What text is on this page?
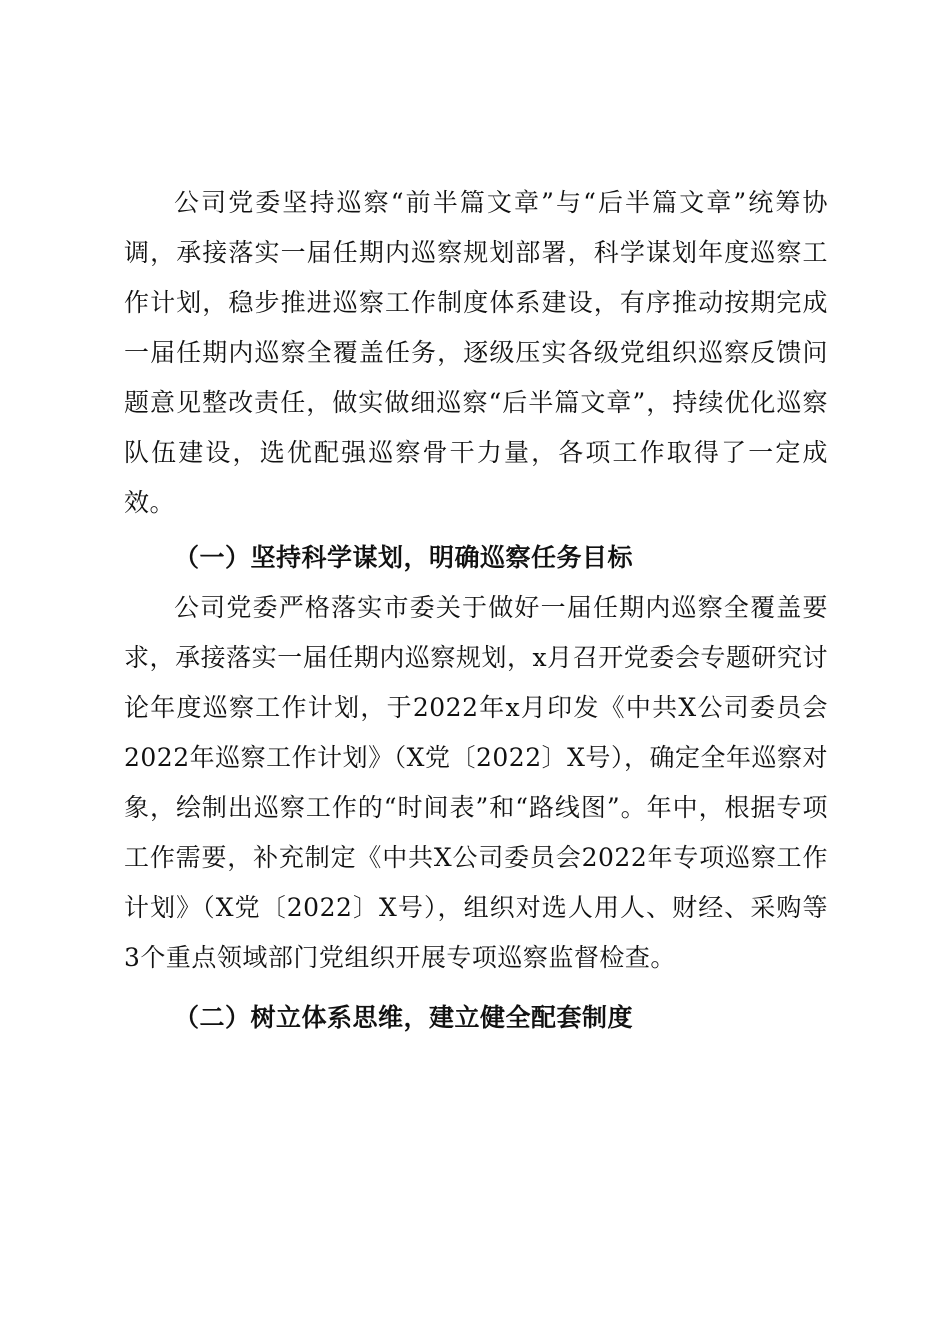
公司党委坚持巡察“前半篇文章”与“后半篇文章”统筹协调，承接落实一届任期内巡察规划部署，科学谋划年度巡察工作计划，稳步推进巡察工作制度体系建设，有序推动按期完成一届任期内巡察全覆盖任务，逐级压实各级党组织巡察反馈问题意见整改责任，做实做细巡察“后半篇文章”，持续优化巡察队伍建设，选优配强巡察骨干力量，各项工作取得了一定成效。

（一）坚持科学谋划，明确巡察任务目标

公司党委严格落实市委关于做好一届任期内巡察全覆盖要求，承接落实一届任期内巡察规划，x月召开党委会专题研究讨论年度巡察工作计划，于2022年x月印发《中共X公司委员会2022年巡察工作计划》（X党〔2022〕X号），确定全年巡察对象，绘制出巡察工作的“时间表”和“路线图”。年中，根据专项工作需要，补充制定《中共X公司委员会2022年专项巡察工作计划》（X党〔2022〕X号），组织对选人用人、财经、采购等3个重点领域部门党组织开展专项巡察监督检查。

（二）树立体系思维，建立健全配套制度
